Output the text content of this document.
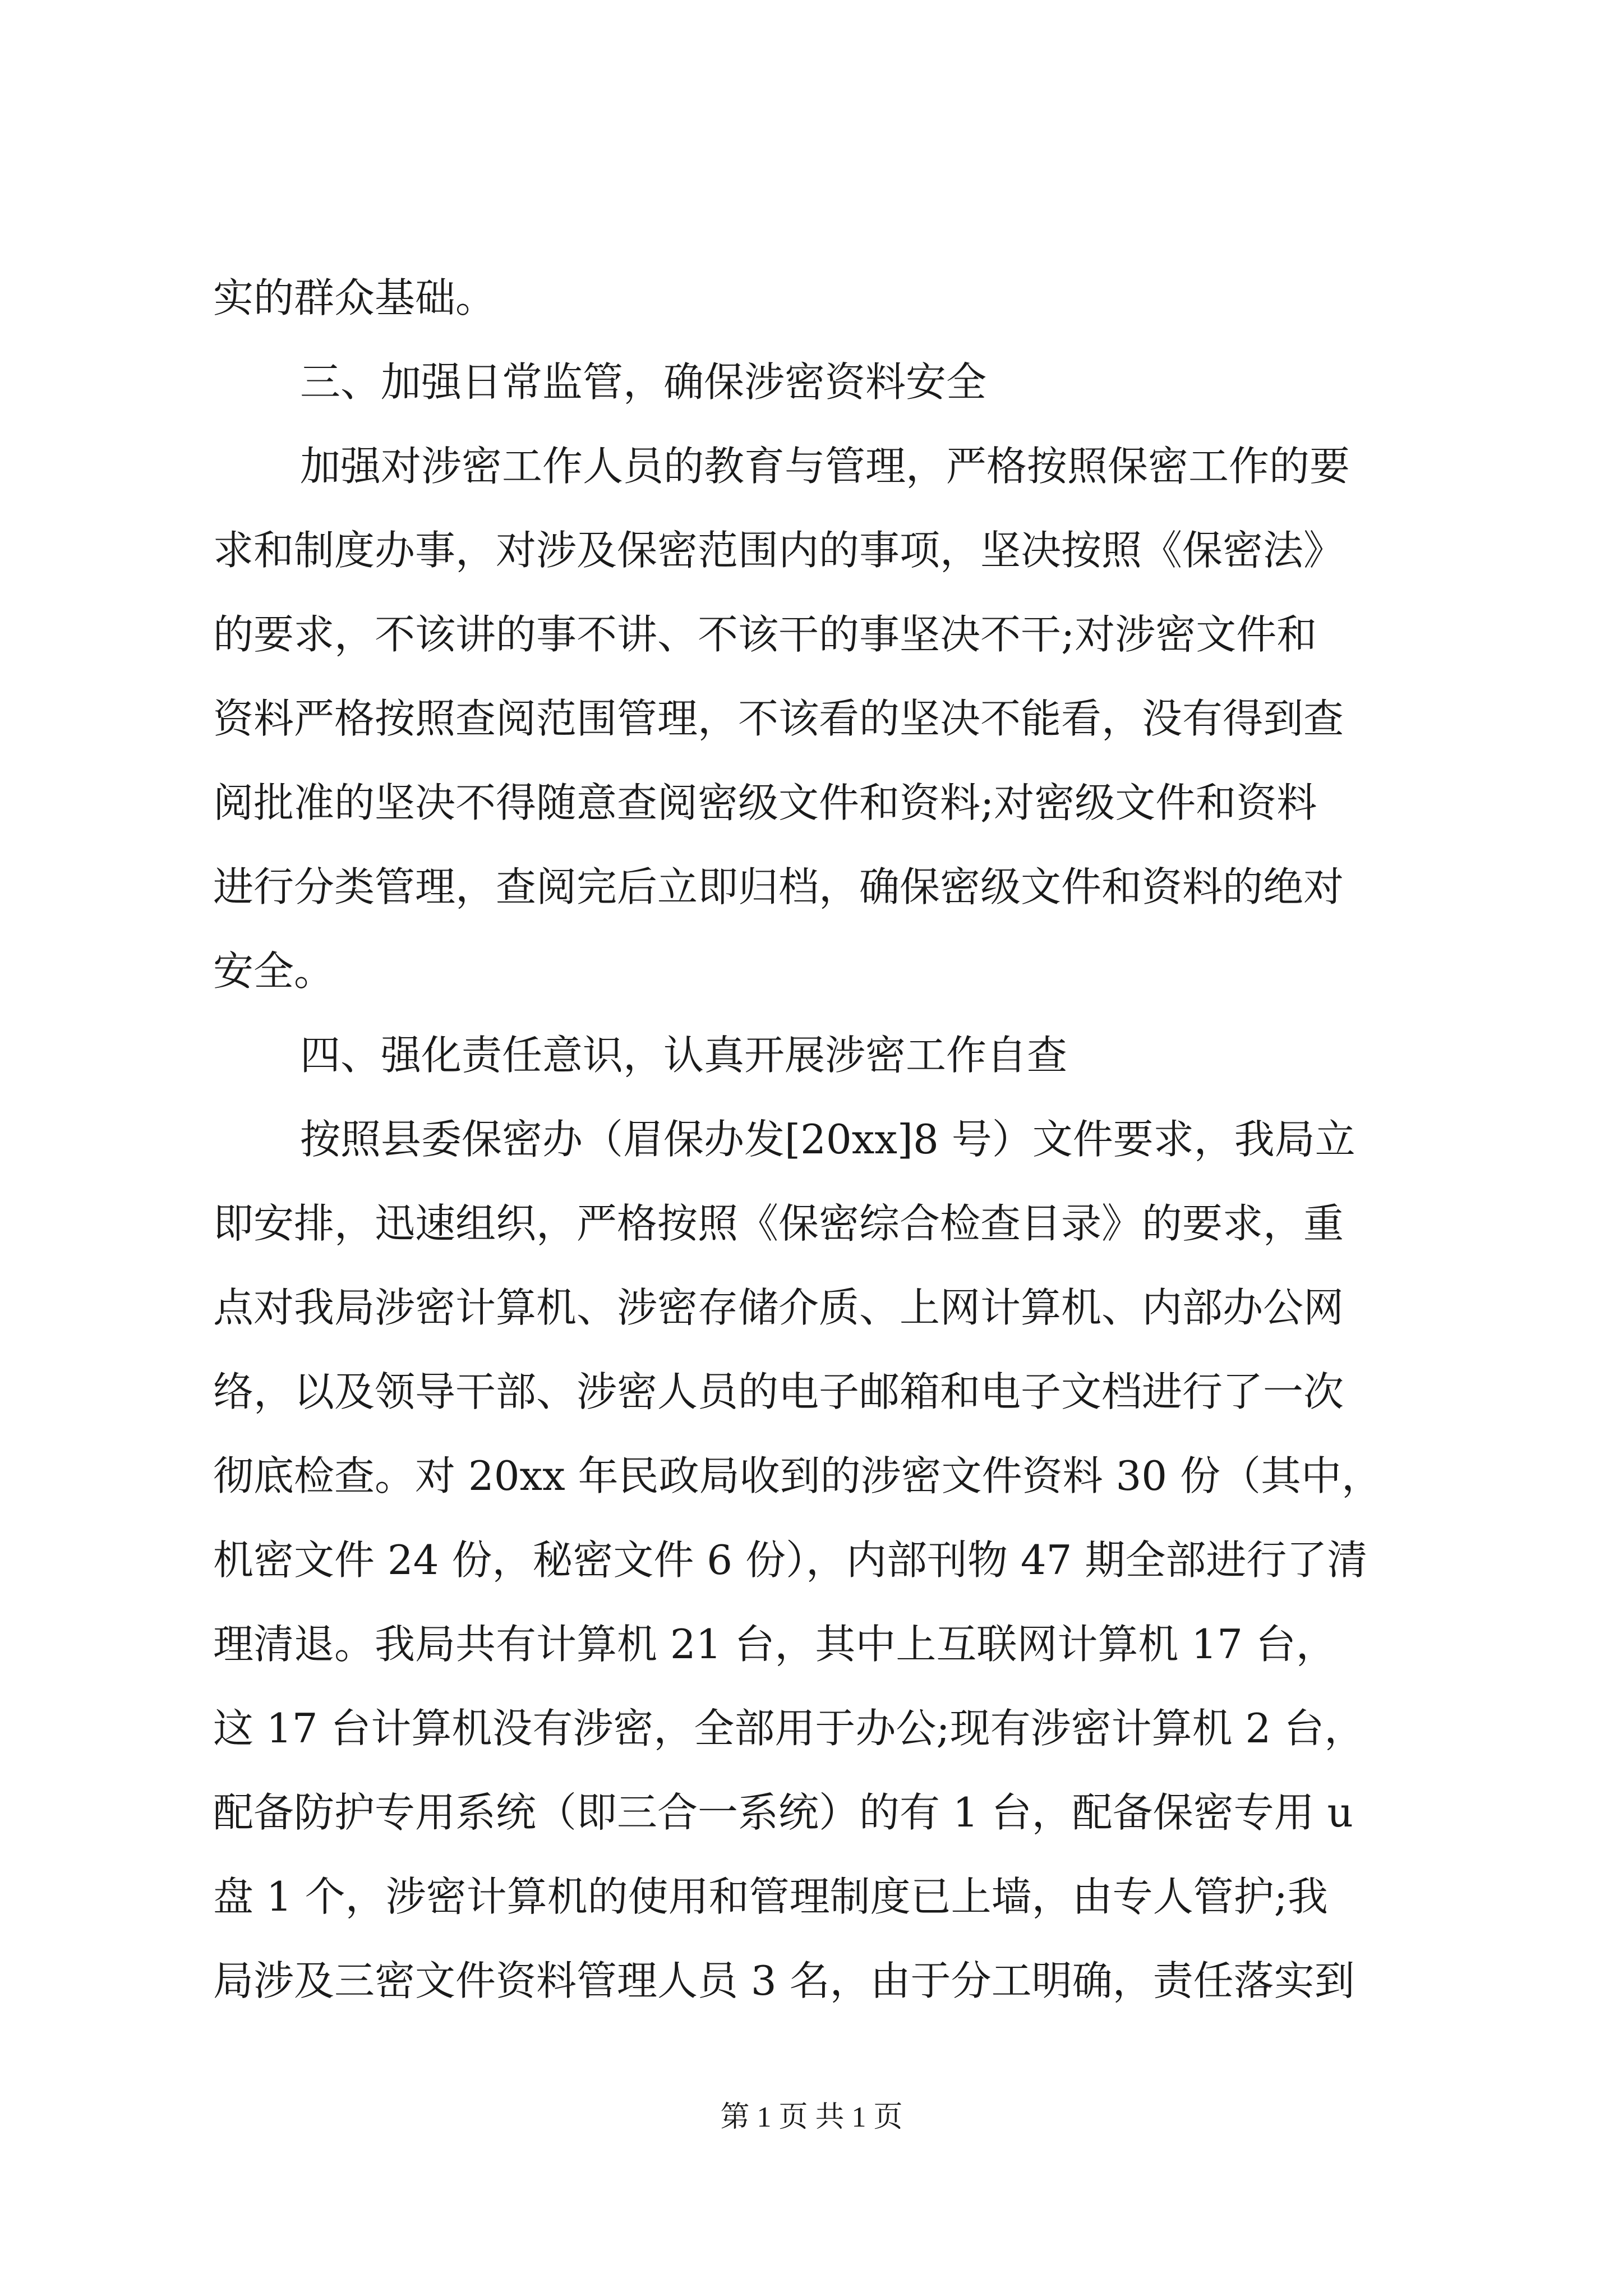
实的群众基础。

三、加强日常监管，确保涉密资料安全

加强对涉密工作人员的教育与管理，严格按照保密工作的要

求和制度办事，对涉及保密范围内的事项，坚决按照《保密法》

的要求，不该讲的事不讲、不该干的事坚决不干;对涉密文件和

资料严格按照查阅范围管理，不该看的坚决不能看，没有得到查

阅批准的坚决不得随意查阅密级文件和资料;对密级文件和资料

进行分类管理，查阅完后立即归档，确保密级文件和资料的绝对

安全。

四、强化责任意识，认真开展涉密工作自查

按照县委保密办（眉保办发[20xx]8 号）文件要求，我局立

即安排，迅速组织，严格按照《保密综合检查目录》的要求，重

点对我局涉密计算机、涉密存储介质、上网计算机、内部办公网

络，以及领导干部、涉密人员的电子邮箱和电子文档进行了一次

彻底检查。对 20xx 年民政局收到的涉密文件资料 30 份（其中，

机密文件 24 份，秘密文件 6 份），内部刊物 47 期全部进行了清

理清退。我局共有计算机 21 台，其中上互联网计算机 17 台，

这 17 台计算机没有涉密，全部用于办公;现有涉密计算机 2 台，

配备防护专用系统（即三合一系统）的有 1 台，配备保密专用 u

盘 1 个，涉密计算机的使用和管理制度已上墙，由专人管护;我

局涉及三密文件资料管理人员 3 名，由于分工明确，责任落实到

第 1 页 共 1 页
